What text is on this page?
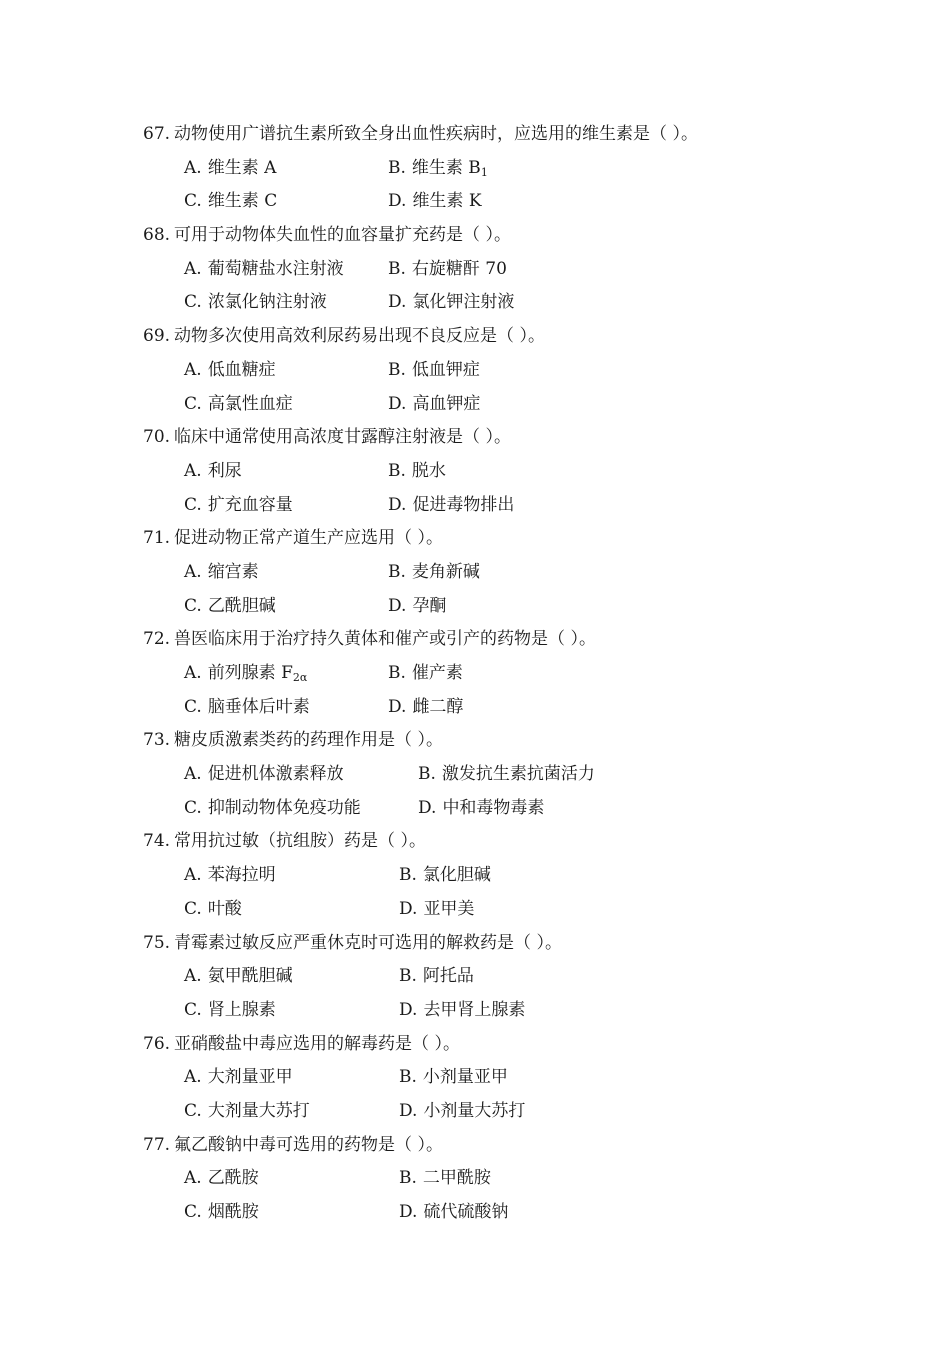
67 . 动物使用广谱抗生素所致全身出血性疾病时，应选用的维生素是（ ）。
A . 维生素 A	B . 维生素 $B_1$
C . 维生素 C	D . 维生素 K
68 . 可用于动物体失血性的血容量扩充药是（ ）。
A . 葡萄糖盐水注射液	B . 右旋糖酐 70
C . 浓氯化钠注射液	D . 氯化钾注射液
69 . 动物多次使用高效利尿药易出现不良反应是（ ）。
A . 低血糖症	B . 低血钾症
C . 高氯性血症	D . 高血钾症
70 . 临床中通常使用高浓度甘露醇注射液是（ ）。
A . 利尿	B . 脱水
C . 扩充血容量	D . 促进毒物排出
71 . 促进动物正常产道生产应选用（ ）。
A . 缩宫素	B . 麦角新碱
C . 乙酰胆碱	D . 孕酮
72 . 兽医临床用于治疗持久黄体和催产或引产的药物是（ ）。
A . 前列腺素 $F_{2\alpha}$	B . 催产素
C . 脑垂体后叶素	D . 雌二醇
73 . 糖皮质激素类药的药理作用是（ ）。
A . 促进机体激素释放	B . 激发抗生素抗菌活力
C . 抑制动物体免疫功能	D . 中和毒物毒素
74 . 常用抗过敏（抗组胺）药是（ ）。
A . 苯海拉明	B . 氯化胆碱
C . 叶酸	D . 亚甲美
75 . 青霉素过敏反应严重休克时可选用的解救药是（ ）。
A . 氨甲酰胆碱	B . 阿托品
C . 肾上腺素	D . 去甲肾上腺素
76 . 亚硝酸盐中毒应选用的解毒药是（ ）。
A . 大剂量亚甲	B . 小剂量亚甲
C . 大剂量大苏打	D . 小剂量大苏打
77 . 氟乙酸钠中毒可选用的药物是（ ）。
A . 乙酰胺	B . 二甲酰胺
C . 烟酰胺	D . 硫代硫酸钠
